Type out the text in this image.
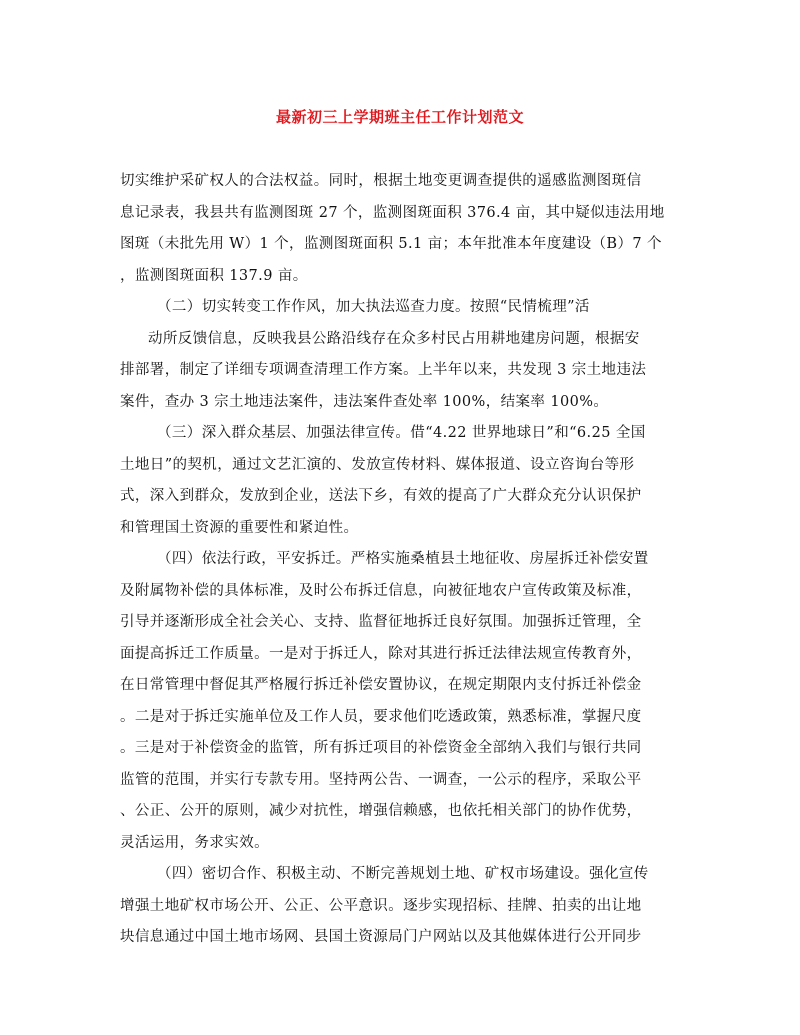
最新初三上学期班主任工作计划范文
切实维护采矿权人的合法权益。同时，根据土地变更调查提供的遥感监测图斑信
息记录表，我县共有监测图斑 27 个，监测图斑面积 376.4 亩，其中疑似违法用地
图斑（未批先用 W）1 个，监测图斑面积 5.1 亩；本年批准本年度建设（B）7 个
，监测图斑面积 137.9 亩。
（二）切实转变工作作风，加大执法巡查力度。按照“民情梳理”活
动所反馈信息，反映我县公路沿线存在众多村民占用耕地建房问题，根据安
排部署，制定了详细专项调查清理工作方案。上半年以来，共发现 3 宗土地违法
案件，查办 3 宗土地违法案件，违法案件查处率 100%，结案率 100%。
（三）深入群众基层、加强法律宣传。借“4.22 世界地球日”和“6.25 全国
土地日”的契机，通过文艺汇演的、发放宣传材料、媒体报道、设立咨询台等形
式，深入到群众，发放到企业，送法下乡，有效的提高了广大群众充分认识保护
和管理国土资源的重要性和紧迫性。
（四）依法行政，平安拆迁。严格实施桑植县土地征收、房屋拆迁补偿安置
及附属物补偿的具体标准，及时公布拆迁信息，向被征地农户宣传政策及标准，
引导并逐渐形成全社会关心、支持、监督征地拆迁良好氛围。加强拆迁管理，全
面提高拆迁工作质量。一是对于拆迁人，除对其进行拆迁法律法规宣传教育外，
在日常管理中督促其严格履行拆迁补偿安置协议，在规定期限内支付拆迁补偿金
。二是对于拆迁实施单位及工作人员，要求他们吃透政策，熟悉标准，掌握尺度
。三是对于补偿资金的监管，所有拆迁项目的补偿资金全部纳入我们与银行共同
监管的范围，并实行专款专用。坚持两公告、一调查，一公示的程序，采取公平
、公正、公开的原则，减少对抗性，增强信赖感，也依托相关部门的协作优势，
灵活运用，务求实效。
（四）密切合作、积极主动、不断完善规划土地、矿权市场建设。强化宣传
增强土地矿权市场公开、公正、公平意识。逐步实现招标、挂牌、拍卖的出让地
块信息通过中国土地市场网、县国土资源局门户网站以及其他媒体进行公开同步
